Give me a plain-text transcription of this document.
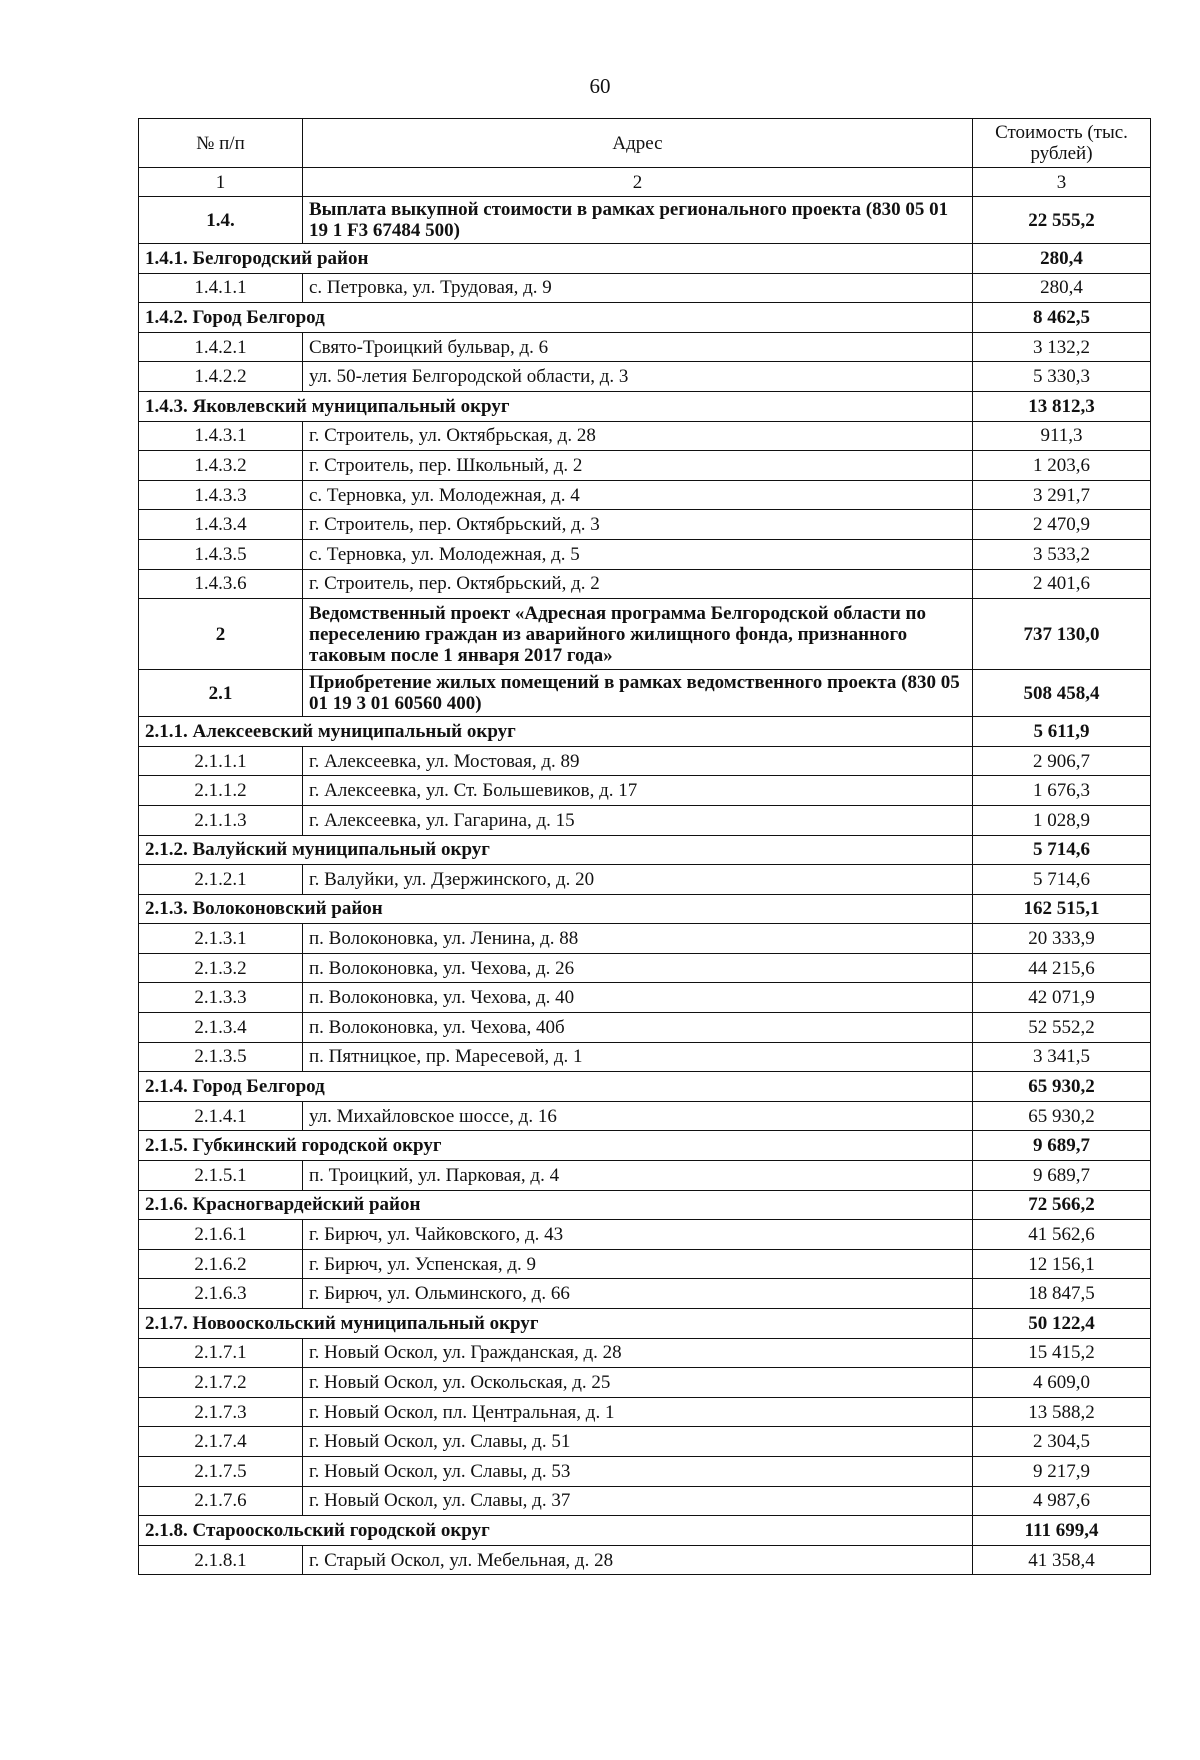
60
№ п/п	Адрес	Стоимость (тыс. рублей)
1	2	3
1.4.	Выплата выкупной стоимости в рамках регионального проекта (830 05 01 19 1 F3 67484 500)	22 555,2
1.4.1. Белгородский район		280,4
1.4.1.1	с. Петровка, ул. Трудовая, д. 9	280,4
1.4.2. Город Белгород		8 462,5
1.4.2.1	Свято-Троицкий бульвар, д. 6	3 132,2
1.4.2.2	ул. 50-летия Белгородской области, д. 3	5 330,3
1.4.3. Яковлевский муниципальный округ		13 812,3
1.4.3.1	г. Строитель, ул. Октябрьская, д. 28	911,3
1.4.3.2	г. Строитель, пер. Школьный, д. 2	1 203,6
1.4.3.3	с. Терновка, ул. Молодежная, д. 4	3 291,7
1.4.3.4	г. Строитель, пер. Октябрьский, д. 3	2 470,9
1.4.3.5	с. Терновка, ул. Молодежная, д. 5	3 533,2
1.4.3.6	г. Строитель, пер. Октябрьский, д. 2	2 401,6
2	Ведомственный проект «Адресная программа Белгородской области по переселению граждан из аварийного жилищного фонда, признанного таковым после 1 января 2017 года»	737 130,0
2.1	Приобретение жилых помещений в рамках ведомственного проекта (830 05 01 19 3 01 60560 400)	508 458,4
2.1.1. Алексеевский муниципальный округ		5 611,9
2.1.1.1	г. Алексеевка, ул. Мостовая, д. 89	2 906,7
2.1.1.2	г. Алексеевка, ул. Ст. Большевиков, д. 17	1 676,3
2.1.1.3	г. Алексеевка, ул. Гагарина, д. 15	1 028,9
2.1.2. Валуйский муниципальный округ		5 714,6
2.1.2.1	г. Валуйки, ул. Дзержинского, д. 20	5 714,6
2.1.3. Волоконовский район		162 515,1
2.1.3.1	п. Волоконовка, ул. Ленина, д. 88	20 333,9
2.1.3.2	п. Волоконовка, ул. Чехова, д. 26	44 215,6
2.1.3.3	п. Волоконовка, ул. Чехова, д. 40	42 071,9
2.1.3.4	п. Волоконовка, ул. Чехова, 40б	52 552,2
2.1.3.5	п. Пятницкое, пр. Маресевой, д. 1	3 341,5
2.1.4. Город Белгород		65 930,2
2.1.4.1	ул. Михайловское шоссе, д. 16	65 930,2
2.1.5. Губкинский городской округ		9 689,7
2.1.5.1	п. Троицкий, ул. Парковая, д. 4	9 689,7
2.1.6. Красногвардейский район		72 566,2
2.1.6.1	г. Бирюч, ул. Чайковского, д. 43	41 562,6
2.1.6.2	г. Бирюч, ул. Успенская, д. 9	12 156,1
2.1.6.3	г. Бирюч, ул. Ольминского, д. 66	18 847,5
2.1.7. Новооскольский муниципальный округ		50 122,4
2.1.7.1	г. Новый Оскол, ул. Гражданская, д. 28	15 415,2
2.1.7.2	г. Новый Оскол, ул. Оскольская, д. 25	4 609,0
2.1.7.3	г. Новый Оскол, пл. Центральная, д. 1	13 588,2
2.1.7.4	г. Новый Оскол, ул. Славы, д. 51	2 304,5
2.1.7.5	г. Новый Оскол, ул. Славы, д. 53	9 217,9
2.1.7.6	г. Новый Оскол, ул. Славы, д. 37	4 987,6
2.1.8. Старооскольский городской округ		111 699,4
2.1.8.1	г. Старый Оскол, ул. Мебельная, д. 28	41 358,4
